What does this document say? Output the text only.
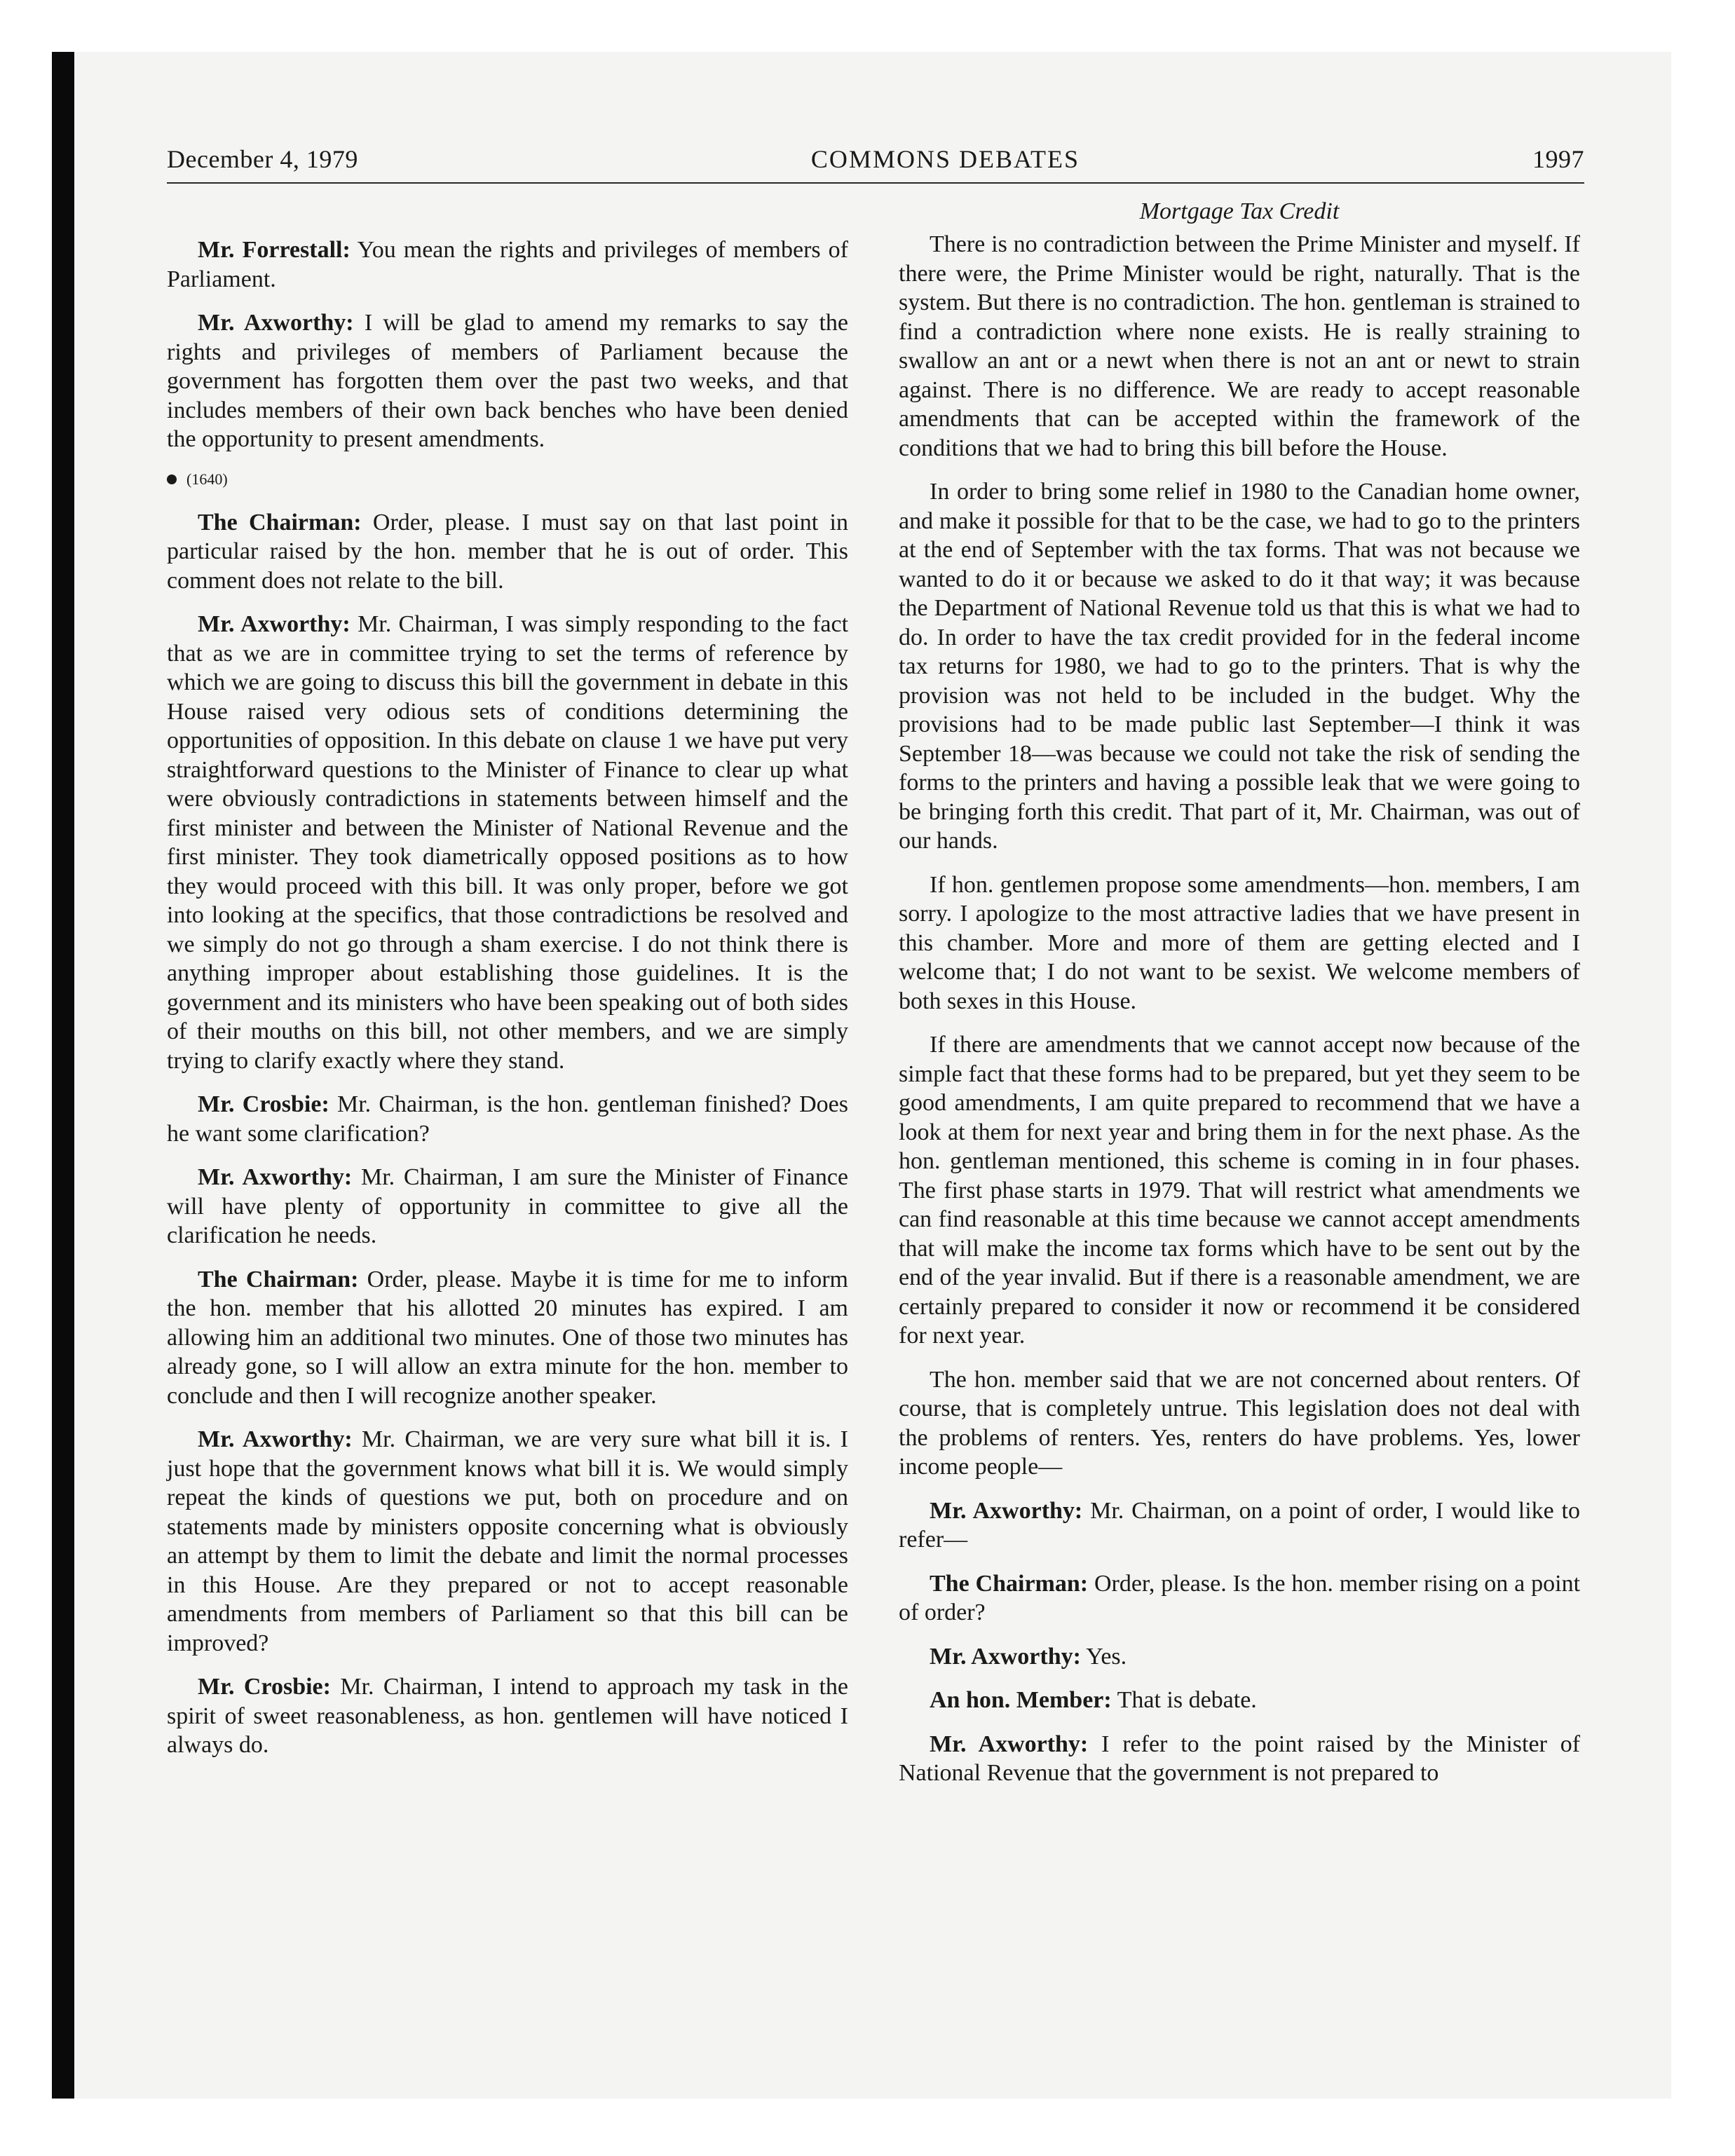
December 4, 1979	COMMONS DEBATES	1997

Mr. Forrestall: You mean the rights and privileges of members of Parliament.

Mr. Axworthy: I will be glad to amend my remarks to say the rights and privileges of members of Parliament because the government has forgotten them over the past two weeks, and that includes members of their own back benches who have been denied the opportunity to present amendments.

(1640)

The Chairman: Order, please. I must say on that last point in particular raised by the hon. member that he is out of order. This comment does not relate to the bill.

Mr. Axworthy: Mr. Chairman, I was simply responding to the fact that as we are in committee trying to set the terms of reference by which we are going to discuss this bill the government in debate in this House raised very odious sets of conditions determining the opportunities of opposition. In this debate on clause 1 we have put very straightforward questions to the Minister of Finance to clear up what were obviously contradictions in statements between himself and the first minister and between the Minister of National Revenue and the first minister. They took diametrically opposed positions as to how they would proceed with this bill. It was only proper, before we got into looking at the specifics, that those contradictions be resolved and we simply do not go through a sham exercise. I do not think there is anything improper about establishing those guidelines. It is the government and its ministers who have been speaking out of both sides of their mouths on this bill, not other members, and we are simply trying to clarify exactly where they stand.

Mr. Crosbie: Mr. Chairman, is the hon. gentleman finished? Does he want some clarification?

Mr. Axworthy: Mr. Chairman, I am sure the Minister of Finance will have plenty of opportunity in committee to give all the clarification he needs.

The Chairman: Order, please. Maybe it is time for me to inform the hon. member that his allotted 20 minutes has expired. I am allowing him an additional two minutes. One of those two minutes has already gone, so I will allow an extra minute for the hon. member to conclude and then I will recognize another speaker.

Mr. Axworthy: Mr. Chairman, we are very sure what bill it is. I just hope that the government knows what bill it is. We would simply repeat the kinds of questions we put, both on procedure and on statements made by ministers opposite concerning what is obviously an attempt by them to limit the debate and limit the normal processes in this House. Are they prepared or not to accept reasonable amendments from members of Parliament so that this bill can be improved?

Mr. Crosbie: Mr. Chairman, I intend to approach my task in the spirit of sweet reasonableness, as hon. gentlemen will have noticed I always do.

Mortgage Tax Credit

There is no contradiction between the Prime Minister and myself. If there were, the Prime Minister would be right, naturally. That is the system. But there is no contradiction. The hon. gentleman is strained to find a contradiction where none exists. He is really straining to swallow an ant or a newt when there is not an ant or newt to strain against. There is no difference. We are ready to accept reasonable amendments that can be accepted within the framework of the conditions that we had to bring this bill before the House.

In order to bring some relief in 1980 to the Canadian home owner, and make it possible for that to be the case, we had to go to the printers at the end of September with the tax forms. That was not because we wanted to do it or because we asked to do it that way; it was because the Department of National Revenue told us that this is what we had to do. In order to have the tax credit provided for in the federal income tax returns for 1980, we had to go to the printers. That is why the provision was not held to be included in the budget. Why the provisions had to be made public last September—I think it was September 18—was because we could not take the risk of sending the forms to the printers and having a possible leak that we were going to be bringing forth this credit. That part of it, Mr. Chairman, was out of our hands.

If hon. gentlemen propose some amendments—hon. members, I am sorry. I apologize to the most attractive ladies that we have present in this chamber. More and more of them are getting elected and I welcome that; I do not want to be sexist. We welcome members of both sexes in this House.

If there are amendments that we cannot accept now because of the simple fact that these forms had to be prepared, but yet they seem to be good amendments, I am quite prepared to recommend that we have a look at them for next year and bring them in for the next phase. As the hon. gentleman mentioned, this scheme is coming in in four phases. The first phase starts in 1979. That will restrict what amendments we can find reasonable at this time because we cannot accept amendments that will make the income tax forms which have to be sent out by the end of the year invalid. But if there is a reasonable amendment, we are certainly prepared to consider it now or recommend it be considered for next year.

The hon. member said that we are not concerned about renters. Of course, that is completely untrue. This legislation does not deal with the problems of renters. Yes, renters do have problems. Yes, lower income people—

Mr. Axworthy: Mr. Chairman, on a point of order, I would like to refer—

The Chairman: Order, please. Is the hon. member rising on a point of order?

Mr. Axworthy: Yes.

An hon. Member: That is debate.

Mr. Axworthy: I refer to the point raised by the Minister of National Revenue that the government is not prepared to
